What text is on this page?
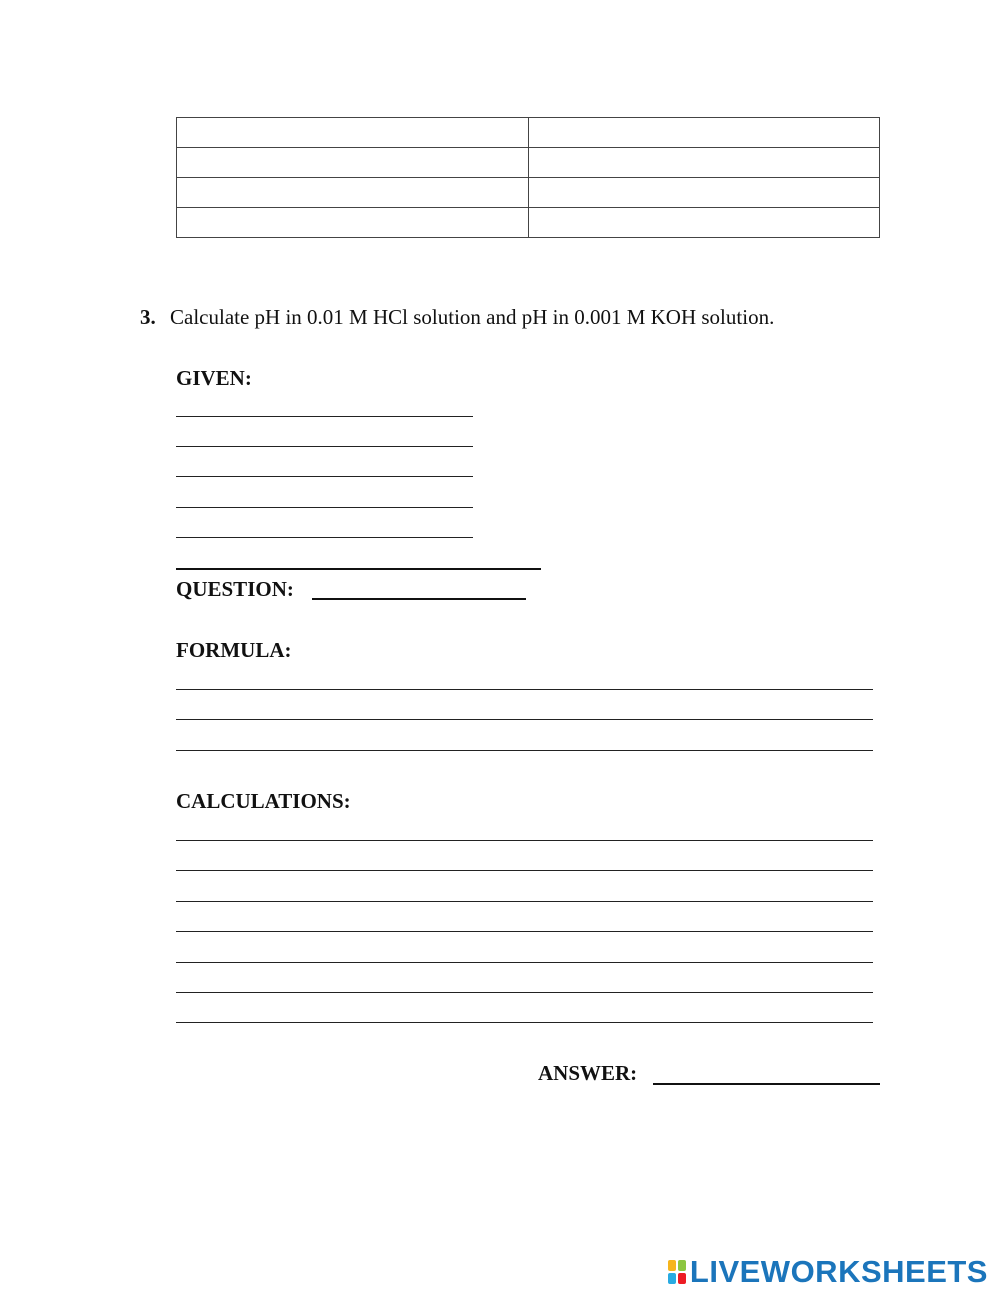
3. Calculate pH in 0.01 M HCl solution and pH in 0.001 M KOH solution.
GIVEN:
QUESTION:
FORMULA:
CALCULATIONS:
ANSWER:
LIVEWORKSHEETS
